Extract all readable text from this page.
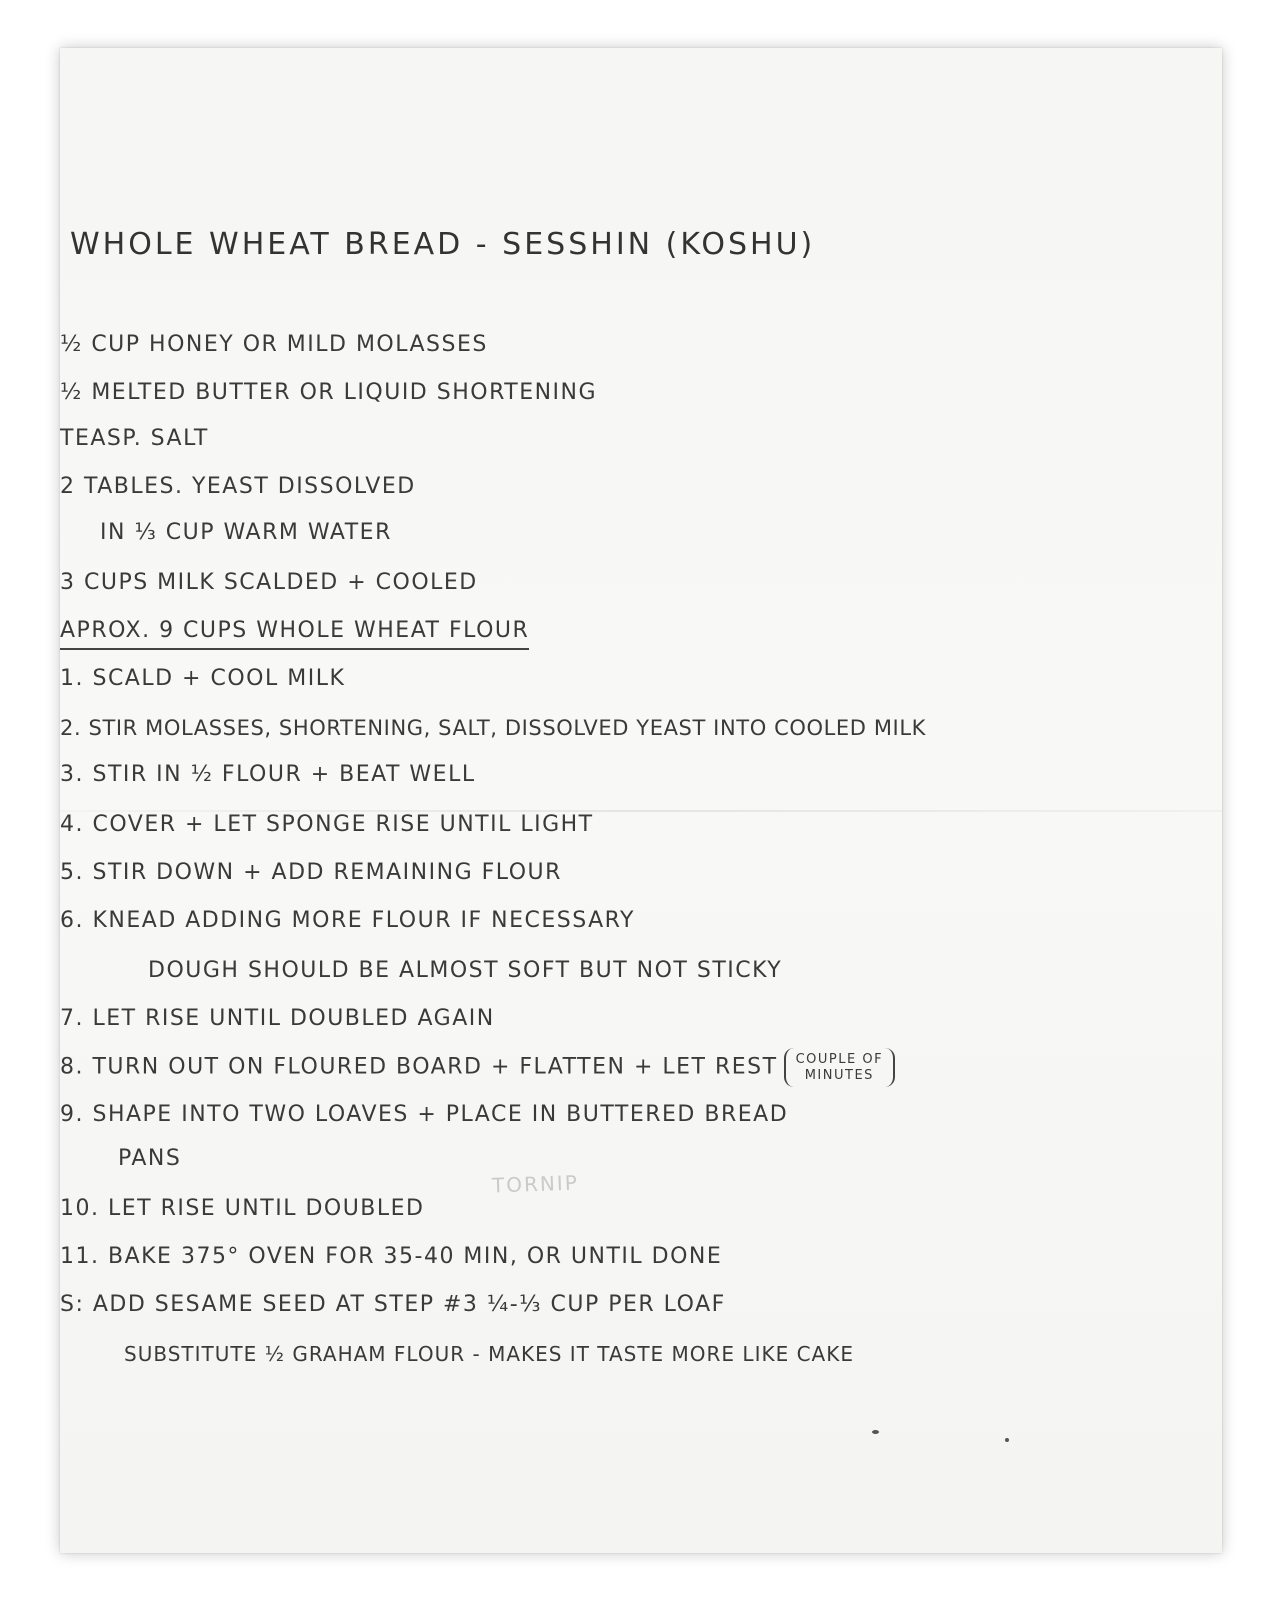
WHOLE WHEAT BREAD - SESSHIN (KOSHU)
½ CUP HONEY OR MILD MOLASSES
½ MELTED BUTTER OR LIQUID SHORTENING
TEASP. SALT
2 TABLES. YEAST DISSOLVED
IN ⅓ CUP WARM WATER
3 CUPS MILK SCALDED + COOLED
APROX. 9 CUPS WHOLE WHEAT FLOUR
1. SCALD + COOL MILK
2. STIR MOLASSES, SHORTENING, SALT, DISSOLVED YEAST INTO COOLED MILK
3. STIR IN ½ FLOUR + BEAT WELL
4. COVER + LET SPONGE RISE UNTIL LIGHT
5. STIR DOWN + ADD REMAINING FLOUR
6. KNEAD ADDING MORE FLOUR IF NECESSARY
DOUGH SHOULD BE ALMOST SOFT BUT NOT STICKY
7. LET RISE UNTIL DOUBLED AGAIN
8. TURN OUT ON FLOURED BOARD + FLATTEN + LET REST COUPLE OF
MINUTES
9. SHAPE INTO TWO LOAVES + PLACE IN BUTTERED BREAD
PANS
10. LET RISE UNTIL DOUBLED
11. BAKE 375° OVEN FOR 35-40 MIN, OR UNTIL DONE
S: ADD SESAME SEED AT STEP #3 ¼-⅓ CUP PER LOAF
SUBSTITUTE ½ GRAHAM FLOUR - MAKES IT TASTE MORE LIKE CAKE
TORNIP
